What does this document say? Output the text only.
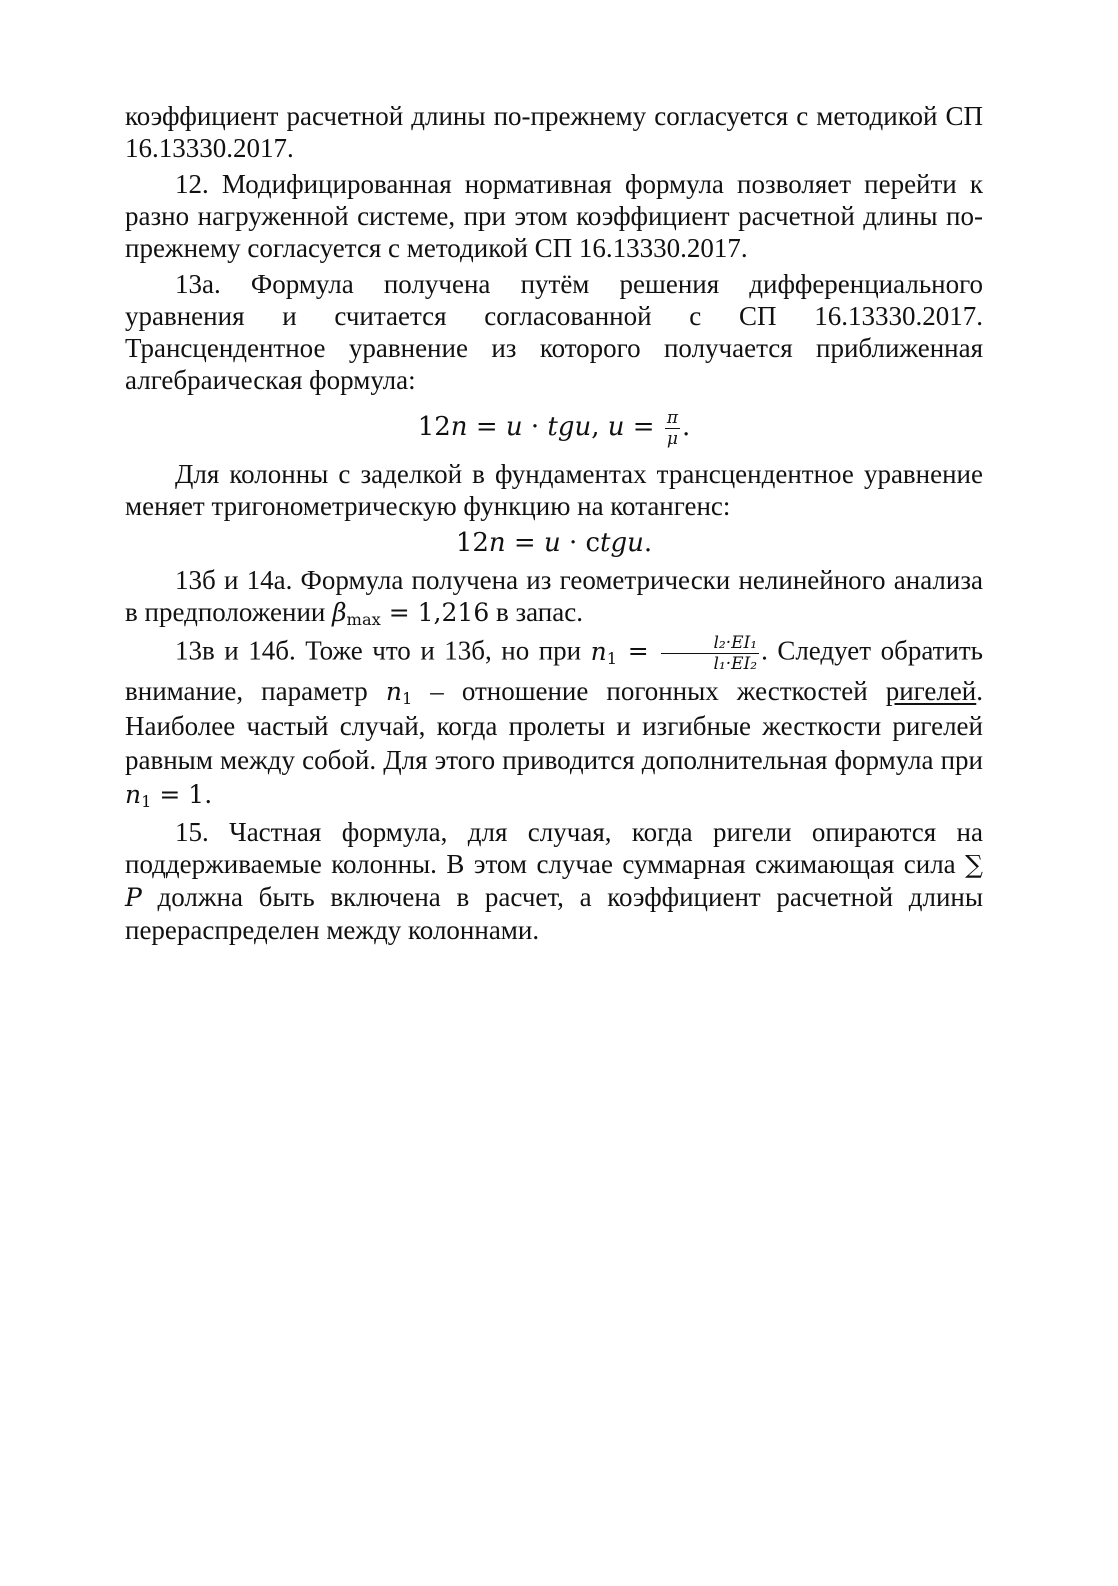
коэффициент расчетной длины по-прежнему согласуется с методикой СП 16.13330.2017.

12. Модифицированная нормативная формула позволяет перейти к разно нагруженной системе, при этом коэффициент расчетной длины по-прежнему согласуется с методикой СП 16.13330.2017.

13а. Формула получена путём решения дифференциального уравнения и считается согласованной с СП 16.13330.2017. Трансцендентное уравнение из которого получается приближенная алгебраическая формула:

12𝑛 = 𝑢 · 𝑡𝑔𝑢, 𝑢 = $\frac{\pi}{\mu}$ .

Для колонны с заделкой в фундаментах трансцендентное уравнение меняет тригонометрическую функцию на котангенс:

12𝑛 = 𝑢 · c𝑡𝑔𝑢.

13б и 14а. Формула получена из геометрически нелинейного анализа в предположении 𝛽$_{max}$ = 1,216 в запас.

13в и 14б. Тоже что и 13б, но при 𝑛$_1$ = $\frac{\text{l₂·EI₁}}{\text{l₁·EI₂}}$ . Следует обратить внимание, параметр 𝑛$_1$ – отношение погонных жесткостей ригелей. Наиболее частый случай, когда пролеты и изгибные жесткости ригелей равным между собой. Для этого приводится дополнительная формула при 𝑛$_1$ = 1.

15. Частная формула, для случая, когда ригели опираются на поддерживаемые колонны. В этом случае суммарная сжимающая сила ∑ 𝑃 должна быть включена в расчет, а коэффициент расчетной длины перераспределен между колоннами.
